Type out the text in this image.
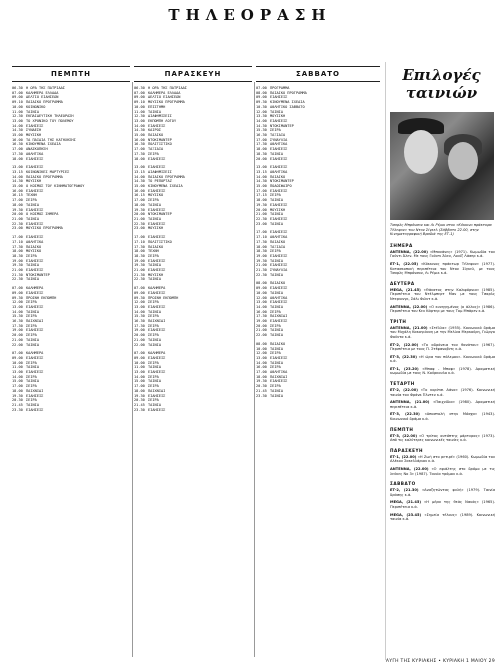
ΤΗΛΕΟΡΑΣΗ
ΠΕΜΠΤΗ	ΠΑΡΑΣΚΕΥΗ	ΣΑΒΒΑΤΟ
06.30 Η ΩΡΑ ΤΗΣ ΠΑΤΡΙΔΑΣ
07.00 ΚΑΛΗΜΕΡΑ ΕΛΛΑΔΑ
09.00 ΔΕΛΤΙΟ ΕΙΔΗΣΕΩΝ
09.10 ΠΑΙΔΙΚΟ ΠΡΟΓΡΑΜΜΑ
10.00 ΚΟΙΝΩΝΙΚΟ
11.00 ΤΑΙΝΙΑ
12.30 ΕΚΠΑΙΔΕΥΤΙΚΗ ΤΗΛΕΟΡΑΣΗ
13.00 ΤΟ ΧΡΟΝΙΚΟ ΤΟΥ ΠΟΛΕΜΟΥ
14.00 ΕΙΔΗΣΕΙΣ
14.30 ΣΥΝΔΕΣΗ
15.00 ΜΟΥΣΙΚΗ
16.00 ΤΑ ΠΑΙΔΙΑ ΤΗΣ ΚΑΤΗΧΗΣΗΣ
16.30 ΚΙΝΟΥΜΕΝΑ ΣΧΕΔΙΑ
17.00 ΑΝΑΣΚΟΠΗΣΗ
17.30 ΑΘΛΗΤΙΚΑ
18.00 ΕΙΔΗΣΕΙΣ
13.00 ΕΙΔΗΣΕΙΣ
13.15 ΚΟΙΝΩΝΙΚΕΣ ΜΑΡΤΥΡΙΕΣ
14.00 ΠΑΙΔΙΚΟ ΠΡΟΓΡΑΜΜΑ
14.30 ΜΟΥΣΙΚΗ
15.00 Ο ΚΟΣΜΟΣ ΤΟΥ ΚΙΝΗΜΑΤΟΓΡΑΦΟΥ
16.00 ΕΙΔΗΣΕΙΣ
16.15 ΤΕΧΝΗ
17.00 ΣΕΙΡΑ
18.00 ΤΑΙΝΙΑ
19.30 ΕΙΔΗΣΕΙΣ
20.00 Ο ΚΟΣΜΟΣ ΣΗΜΕΡΑ
21.00 ΤΑΙΝΙΑ
22.30 ΕΙΔΗΣΕΙΣ
23.00 ΜΟΥΣΙΚΟ ΠΡΟΓΡΑΜΜΑ
17.00 ΕΙΔΗΣΕΙΣ
17.10 ΑΘΛΗΤΙΚΑ
17.30 ΠΑΙΔΙΚΟ
18.00 ΜΟΥΣΙΚΟ
18.30 ΣΕΙΡΑ
19.00 ΕΙΔΗΣΕΙΣ
19.30 ΤΑΙΝΙΑ
21.00 ΕΙΔΗΣΕΙΣ
21.30 ΝΤΟΚΙΜΑΝΤΕΡ
22.30 ΤΑΙΝΙΑ
07.00 ΚΑΛΗΜΕΡΑ
09.00 ΕΙΔΗΣΕΙΣ
09.30 ΠΡΩΙΝΗ ΕΚΠΟΜΠΗ
12.00 ΣΕΙΡΑ
13.00 ΕΙΔΗΣΕΙΣ
14.00 ΤΑΙΝΙΑ
15.30 ΣΕΙΡΑ
16.30 ΠΑΙΧΝΙΔΙ
17.30 ΣΕΙΡΑ
19.00 ΕΙΔΗΣΕΙΣ
20.00 ΣΕΙΡΑ
21.00 ΤΑΙΝΙΑ
22.00 ΤΑΙΝΙΑ
07.00 ΚΑΛΗΜΕΡΑ
09.00 ΕΙΔΗΣΕΙΣ
10.00 ΣΕΙΡΑ
11.00 ΤΑΙΝΙΑ
13.00 ΕΙΔΗΣΕΙΣ
14.00 ΣΕΙΡΑ
15.00 ΤΑΙΝΙΑ
17.00 ΣΕΙΡΑ
18.00 ΠΑΙΧΝΙΔΙ
19.30 ΕΙΔΗΣΕΙΣ
20.30 ΣΕΙΡΑ
21.45 ΤΑΙΝΙΑ
23.30 ΕΙΔΗΣΕΙΣ
06.30 Η ΩΡΑ ΤΗΣ ΠΑΤΡΙΔΑΣ
07.00 ΚΑΛΗΜΕΡΑ ΕΛΛΑΔΑ
09.00 ΔΕΛΤΙΟ ΕΙΔΗΣΕΩΝ
09.10 ΜΟΥΣΙΚΟ ΠΡΟΓΡΑΜΜΑ
10.00 ΕΠΙΣΤΗΜΗ
11.00 ΤΑΙΝΙΑ
12.30 ΔΙΑΦΗΜΙΣΕΙΣ
13.00 ΕΚΠΟΜΠΗ ΛΟΓΟΥ
14.00 ΕΙΔΗΣΕΙΣ
14.30 ΚΑΙΡΟΣ
15.00 ΠΑΙΔΙΚΟ
16.00 ΝΤΟΚΙΜΑΝΤΕΡ
16.30 ΠΟΛΙΤΙΣΤΙΚΟ
17.00 ΤΑΞΙΔΙΑ
17.30 ΣΕΙΡΑ
18.00 ΕΙΔΗΣΕΙΣ
13.00 ΕΙΔΗΣΕΙΣ
13.15 ΔΙΑΦΗΜΙΣΕΙΣ
14.00 ΠΑΙΔΙΚΟ ΠΡΟΓΡΑΜΜΑ
14.30 ΤΟ ΡΕΠΟΡΤΑΖ
15.00 ΚΙΝΟΥΜΕΝΑ ΣΧΕΔΙΑ
16.00 ΕΙΔΗΣΕΙΣ
16.15 ΜΟΥΣΙΚΟ
17.00 ΣΕΙΡΑ
18.00 ΤΑΙΝΙΑ
19.30 ΕΙΔΗΣΕΙΣ
20.00 ΝΤΟΚΙΜΑΝΤΕΡ
21.00 ΤΑΙΝΙΑ
22.30 ΕΙΔΗΣΕΙΣ
23.00 ΜΟΥΣΙΚΗ
17.00 ΕΙΔΗΣΕΙΣ
17.10 ΠΟΛΙΤΙΣΤΙΚΟ
17.30 ΠΑΙΔΙΚΟ
18.00 ΤΕΧΝΗ
18.30 ΣΕΙΡΑ
19.00 ΕΙΔΗΣΕΙΣ
19.30 ΤΑΙΝΙΑ
21.00 ΕΙΔΗΣΕΙΣ
21.30 ΜΟΥΣΙΚΗ
22.30 ΤΑΙΝΙΑ
07.00 ΚΑΛΗΜΕΡΑ
09.00 ΕΙΔΗΣΕΙΣ
09.30 ΠΡΩΙΝΗ ΕΚΠΟΜΠΗ
12.00 ΣΕΙΡΑ
13.00 ΕΙΔΗΣΕΙΣ
14.00 ΤΑΙΝΙΑ
15.30 ΣΕΙΡΑ
16.30 ΠΑΙΧΝΙΔΙ
17.30 ΣΕΙΡΑ
19.00 ΕΙΔΗΣΕΙΣ
20.00 ΣΕΙΡΑ
21.00 ΤΑΙΝΙΑ
22.00 ΤΑΙΝΙΑ
07.00 ΚΑΛΗΜΕΡΑ
09.00 ΕΙΔΗΣΕΙΣ
10.00 ΣΕΙΡΑ
11.00 ΤΑΙΝΙΑ
13.00 ΕΙΔΗΣΕΙΣ
14.00 ΣΕΙΡΑ
15.00 ΤΑΙΝΙΑ
17.00 ΣΕΙΡΑ
18.00 ΠΑΙΧΝΙΔΙ
19.30 ΕΙΔΗΣΕΙΣ
20.30 ΣΕΙΡΑ
21.45 ΤΑΙΝΙΑ
23.30 ΕΙΔΗΣΕΙΣ
07.00 ΠΡΟΓΡΑΜΜΑ
08.00 ΠΑΙΔΙΚΟ ΠΡΟΓΡΑΜΜΑ
09.00 ΕΙΔΗΣΕΙΣ
09.30 ΚΙΝΟΥΜΕΝΑ ΣΧΕΔΙΑ
10.30 ΑΘΛΗΤΙΚΟ ΣΑΒΒΑΤΟ
12.00 ΤΑΙΝΙΑ
13.30 ΜΟΥΣΙΚΗ
14.00 ΕΙΔΗΣΕΙΣ
14.30 ΝΤΟΚΙΜΑΝΤΕΡ
15.30 ΣΕΙΡΑ
16.30 ΤΑΞΙΔΙΑ
17.00 ΣΥΝΑΥΛΙΑ
17.30 ΑΘΛΗΤΙΚΑ
18.00 ΕΙΔΗΣΕΙΣ
18.30 ΤΑΙΝΙΑ
20.00 ΕΙΔΗΣΕΙΣ
13.00 ΕΙΔΗΣΕΙΣ
13.15 ΑΘΛΗΤΙΚΑ
14.00 ΠΑΙΔΙΚΟ
14.30 ΝΤΟΚΙΜΑΝΤΕΡ
15.00 ΠΟΔΟΣΦΑΙΡΟ
17.00 ΕΙΔΗΣΕΙΣ
17.15 ΣΕΙΡΑ
18.00 ΤΑΙΝΙΑ
19.30 ΕΙΔΗΣΕΙΣ
20.00 ΜΟΥΣΙΚΗ
21.00 ΤΑΙΝΙΑ
22.30 ΕΙΔΗΣΕΙΣ
23.00 ΤΑΙΝΙΑ
17.00 ΕΙΔΗΣΕΙΣ
17.10 ΑΘΛΗΤΙΚΑ
17.30 ΠΑΙΔΙΚΟ
18.00 ΤΑΞΙΔΙΑ
18.30 ΣΕΙΡΑ
19.00 ΕΙΔΗΣΕΙΣ
19.30 ΤΑΙΝΙΑ
21.00 ΕΙΔΗΣΕΙΣ
21.30 ΣΥΝΑΥΛΙΑ
22.30 ΤΑΙΝΙΑ
08.00 ΠΑΙΔΙΚΟ
09.00 ΕΙΔΗΣΕΙΣ
10.00 ΤΑΙΝΙΑ
12.00 ΑΘΛΗΤΙΚΑ
13.00 ΕΙΔΗΣΕΙΣ
14.00 ΤΑΙΝΙΑ
16.00 ΣΕΙΡΑ
17.30 ΠΑΙΧΝΙΔΙ
19.00 ΕΙΔΗΣΕΙΣ
20.00 ΣΕΙΡΑ
21.00 ΤΑΙΝΙΑ
22.00 ΤΑΙΝΙΑ
08.00 ΠΑΙΔΙΚΟ
10.00 ΤΑΙΝΙΑ
12.00 ΣΕΙΡΑ
13.00 ΕΙΔΗΣΕΙΣ
14.00 ΤΑΙΝΙΑ
16.00 ΣΕΙΡΑ
17.00 ΑΘΛΗΤΙΚΑ
18.00 ΠΑΙΧΝΙΔΙ
19.30 ΕΙΔΗΣΕΙΣ
20.30 ΣΕΙΡΑ
21.45 ΤΑΙΝΙΑ
23.30 ΤΑΙΝΙΑ
Επιλογές ταινιών
Τσαρλς Μπρόνσον και Λι Ρέμικ στον «Κόκκινο πράκτορα Τέλεφον» του Ντον Σίγκελ (Σάββατο 22.00, στην Κινηματογραφική Βραδιά της ΕΤ-1)
ΣΗΜΕΡΑ
ANTENNA, (22.00) «Μπανάνες» (1971). Κωμωδία του Γούντι Άλεν. Με τους Γούντι Άλεν, Λουίζ Λάσερ κ.ά.
ΕΤ-1, (22.05) «Κόκκινος πράκτωρ Τέλεφον» (1977). Κατασκοπική περιπέτεια του Ντον Σίγκελ, με τους Τσαρλς Μπρόνσον, Λι Ρέμικ κ.ά.
ΔΕΥΤΕΡΑ
MEGA, (21.45) «Θάνατος στην Καλιφόρνια» (1985). Περιπέτεια του Ντέλμπερτ Μαν με τους Τσαρλς Ντερνινγκ, Σάλι Φιλντ κ.ά.
ANTENNA, (22.00) «Ο κυνηγημένος (ο άλλος)» (1986). Περιπέτεια του Κεν Κάρτερ με τους Τομ Μπάρεν κ.ά.
ΤΡΙΤΗ
ANTENNA, (21.00) «Στέλλα» (1955). Κοινωνικό δράμα του Μιχάλη Κακογιάννη με την Μελίνα Μερκούρη, Γιώργο Φούντα κ.ά.
ΕΤ-2, (22.00) «Το αδράνεια του θανάτου» (1967). Περιπέτεια με τους Π. Στέφανοβιτς κ.ά.
ΕΤ-3, (22.30) «Η ώρα του πόλεμου». Κοινωνικό δράμα κ.ά.
ΕΤ-1, (23.20) «Μπαφ - Μπαφ» (1978). Δραματική κωμωδία με τους Ν. Κούρκουλο κ.ά.
ΤΕΤΑΡΤΗ
ΕΤ-2, (22.00) «Το κορίτσι Αάνα» (1976). Κοινωνική ταινία του Φράνκ Έλντεν κ.ά.
ANTENNA, (21.00) «Παιχνίδια» (1980). Δραματική περιπέτεια κ.ά.
ΕΤ-3, (22.30) «Αποστολή στην Μόσχα» (1943). Κοινωνικό δράμα κ.ά.
ΠΕΜΠΤΗ
ΕΤ-3, (22.00) «Ο τρίτος αυτόπτης μάρτυρας» (1973). Από τις καλύτερες κοινωνικές ταινίες κ.ά.
ΠΑΡΑΣΚΕΥΗ
ΕΤ-1, (22.00) «Η Ζωή στο ρετιρέ» (1960). Κωμωδία του Αλέκου Σακελλάριου κ.ά.
ANTENNA, (22.00) «Ο εφιάλτης στο δρόμο με τις λεύκες Νο 3» (1987). Ταινία τρόμου κ.ά.
ΣΑΒΒΑΤΟ
ΕΤ-2, (21.30) «Αναζητώντας φυλή» (1979). Ταινία δράσης κ.ά.
MEGA, (21.45) «Η μέρα της θεάς Νανάς» (1965). Περιπέτεια κ.ά.
MEGA, (23.45) «Σημεία τέλους» (1989). Κοινωνική ταινία κ.ά.
ΑΥΓΗ ΤΗΣ ΚΥΡΙΑΚΗΣ • ΚΥΡΙΑΚΗ 1 ΜΑΙΟΥ 29
